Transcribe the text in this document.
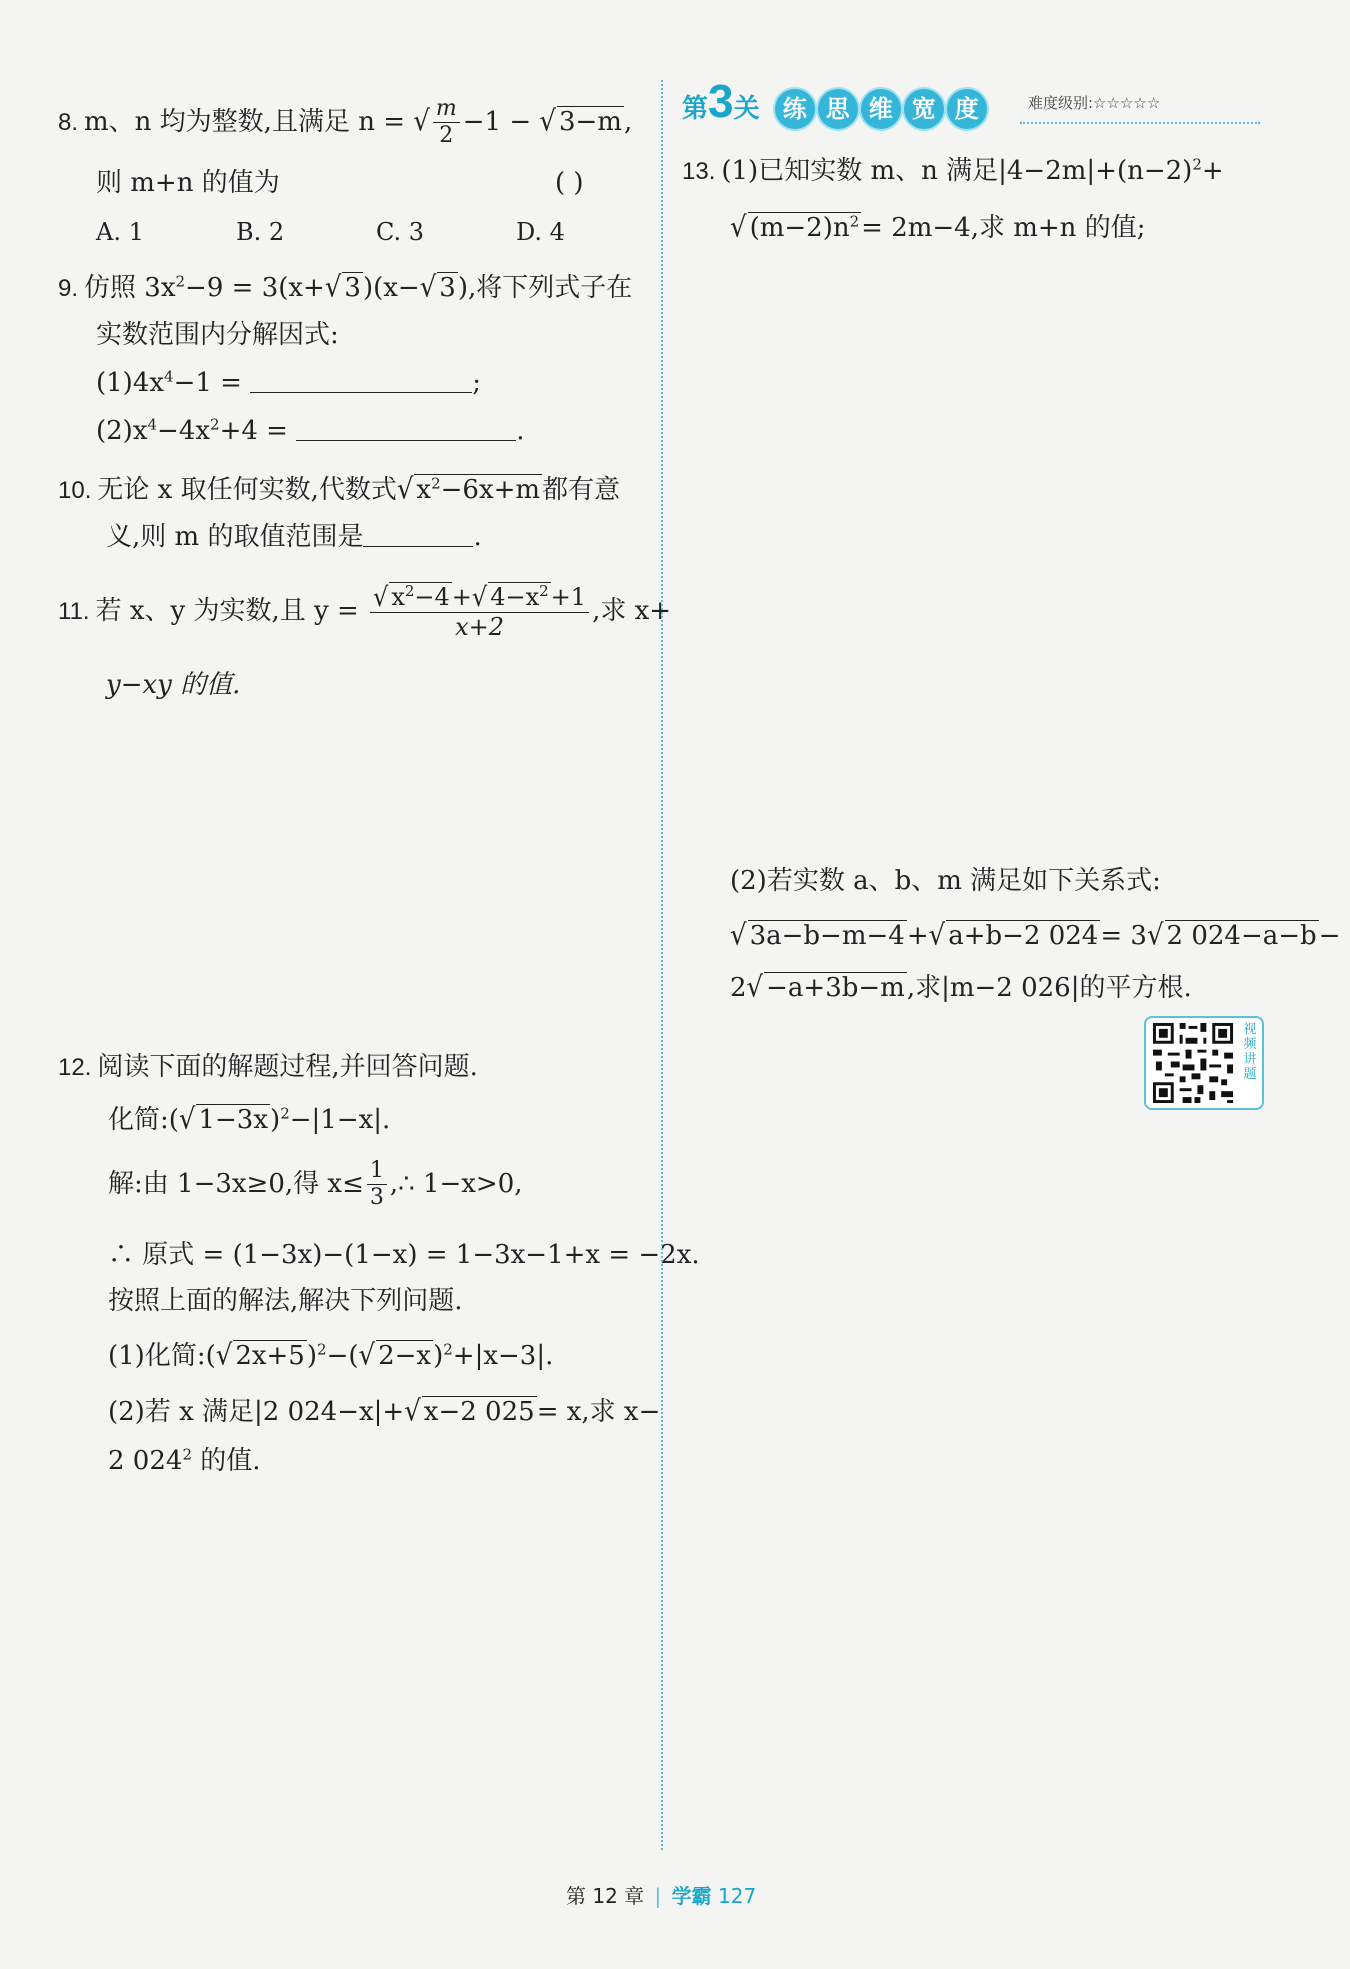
8. m、n 均为整数,且满足 n = √ $\frac{m}{2} -1$ − √ 3−m,
则 m+n 的值为	( )
A. 1	B. 2	C. 3	D. 4
9. 仿照 $3x^2-9 = 3(x+√$ 3)(x−√ 3),将下列式子在
实数范围内分解因式:
$(1)4x^4-1$ =	;
$(2)x^4-4x^2+4$ =	.
10. 无论 x 取任何实数,代数式√ $x^2-6x+m$都有意
义,则 m 的取值范围是	.
11. 若 x、y 为实数,且 $y = \frac{√ x^2-4+√ 4-x^2+1}{x+2}$ ,求 x+
y−xy 的值.
12. 阅读下面的解题过程,并回答问题.
化简:(√ 1−3x)$^2$−|1−x|.
解:由 1−3x≥0,得 $x\le \frac{1}{3}$ ,∴ 1−x>0,
∴ 原式 = (1−3x)−(1−x) = 1−3x−1+x = −2x.
按照上面的解法,解决下列问题.
(1)化简:(√ 2x+5)$^2$−(√ 2−x)$^2$+|x−3|.
(2)若 x 满足|2 024−x|+√ x−2 025= x,求 x−
2 $024^2$ 的值.
第3关 练 思 维 宽 度	难度级别:☆☆☆☆☆
13. (1)已知实数 m、n 满足$|4-2m|+(n-2)^2+$
√ $(m-2)n^2= 2m-4$,求 m+n 的值;
(2)若实数 a、b、m 满足如下关系式:
√ 3a−b−m−4+√ a+b−2 024= 3√ 2 024−a−b−
2√ −a+3b−m,求|m−2 026|的平方根.
视频讲题
第 12 章 | 学霸 127
